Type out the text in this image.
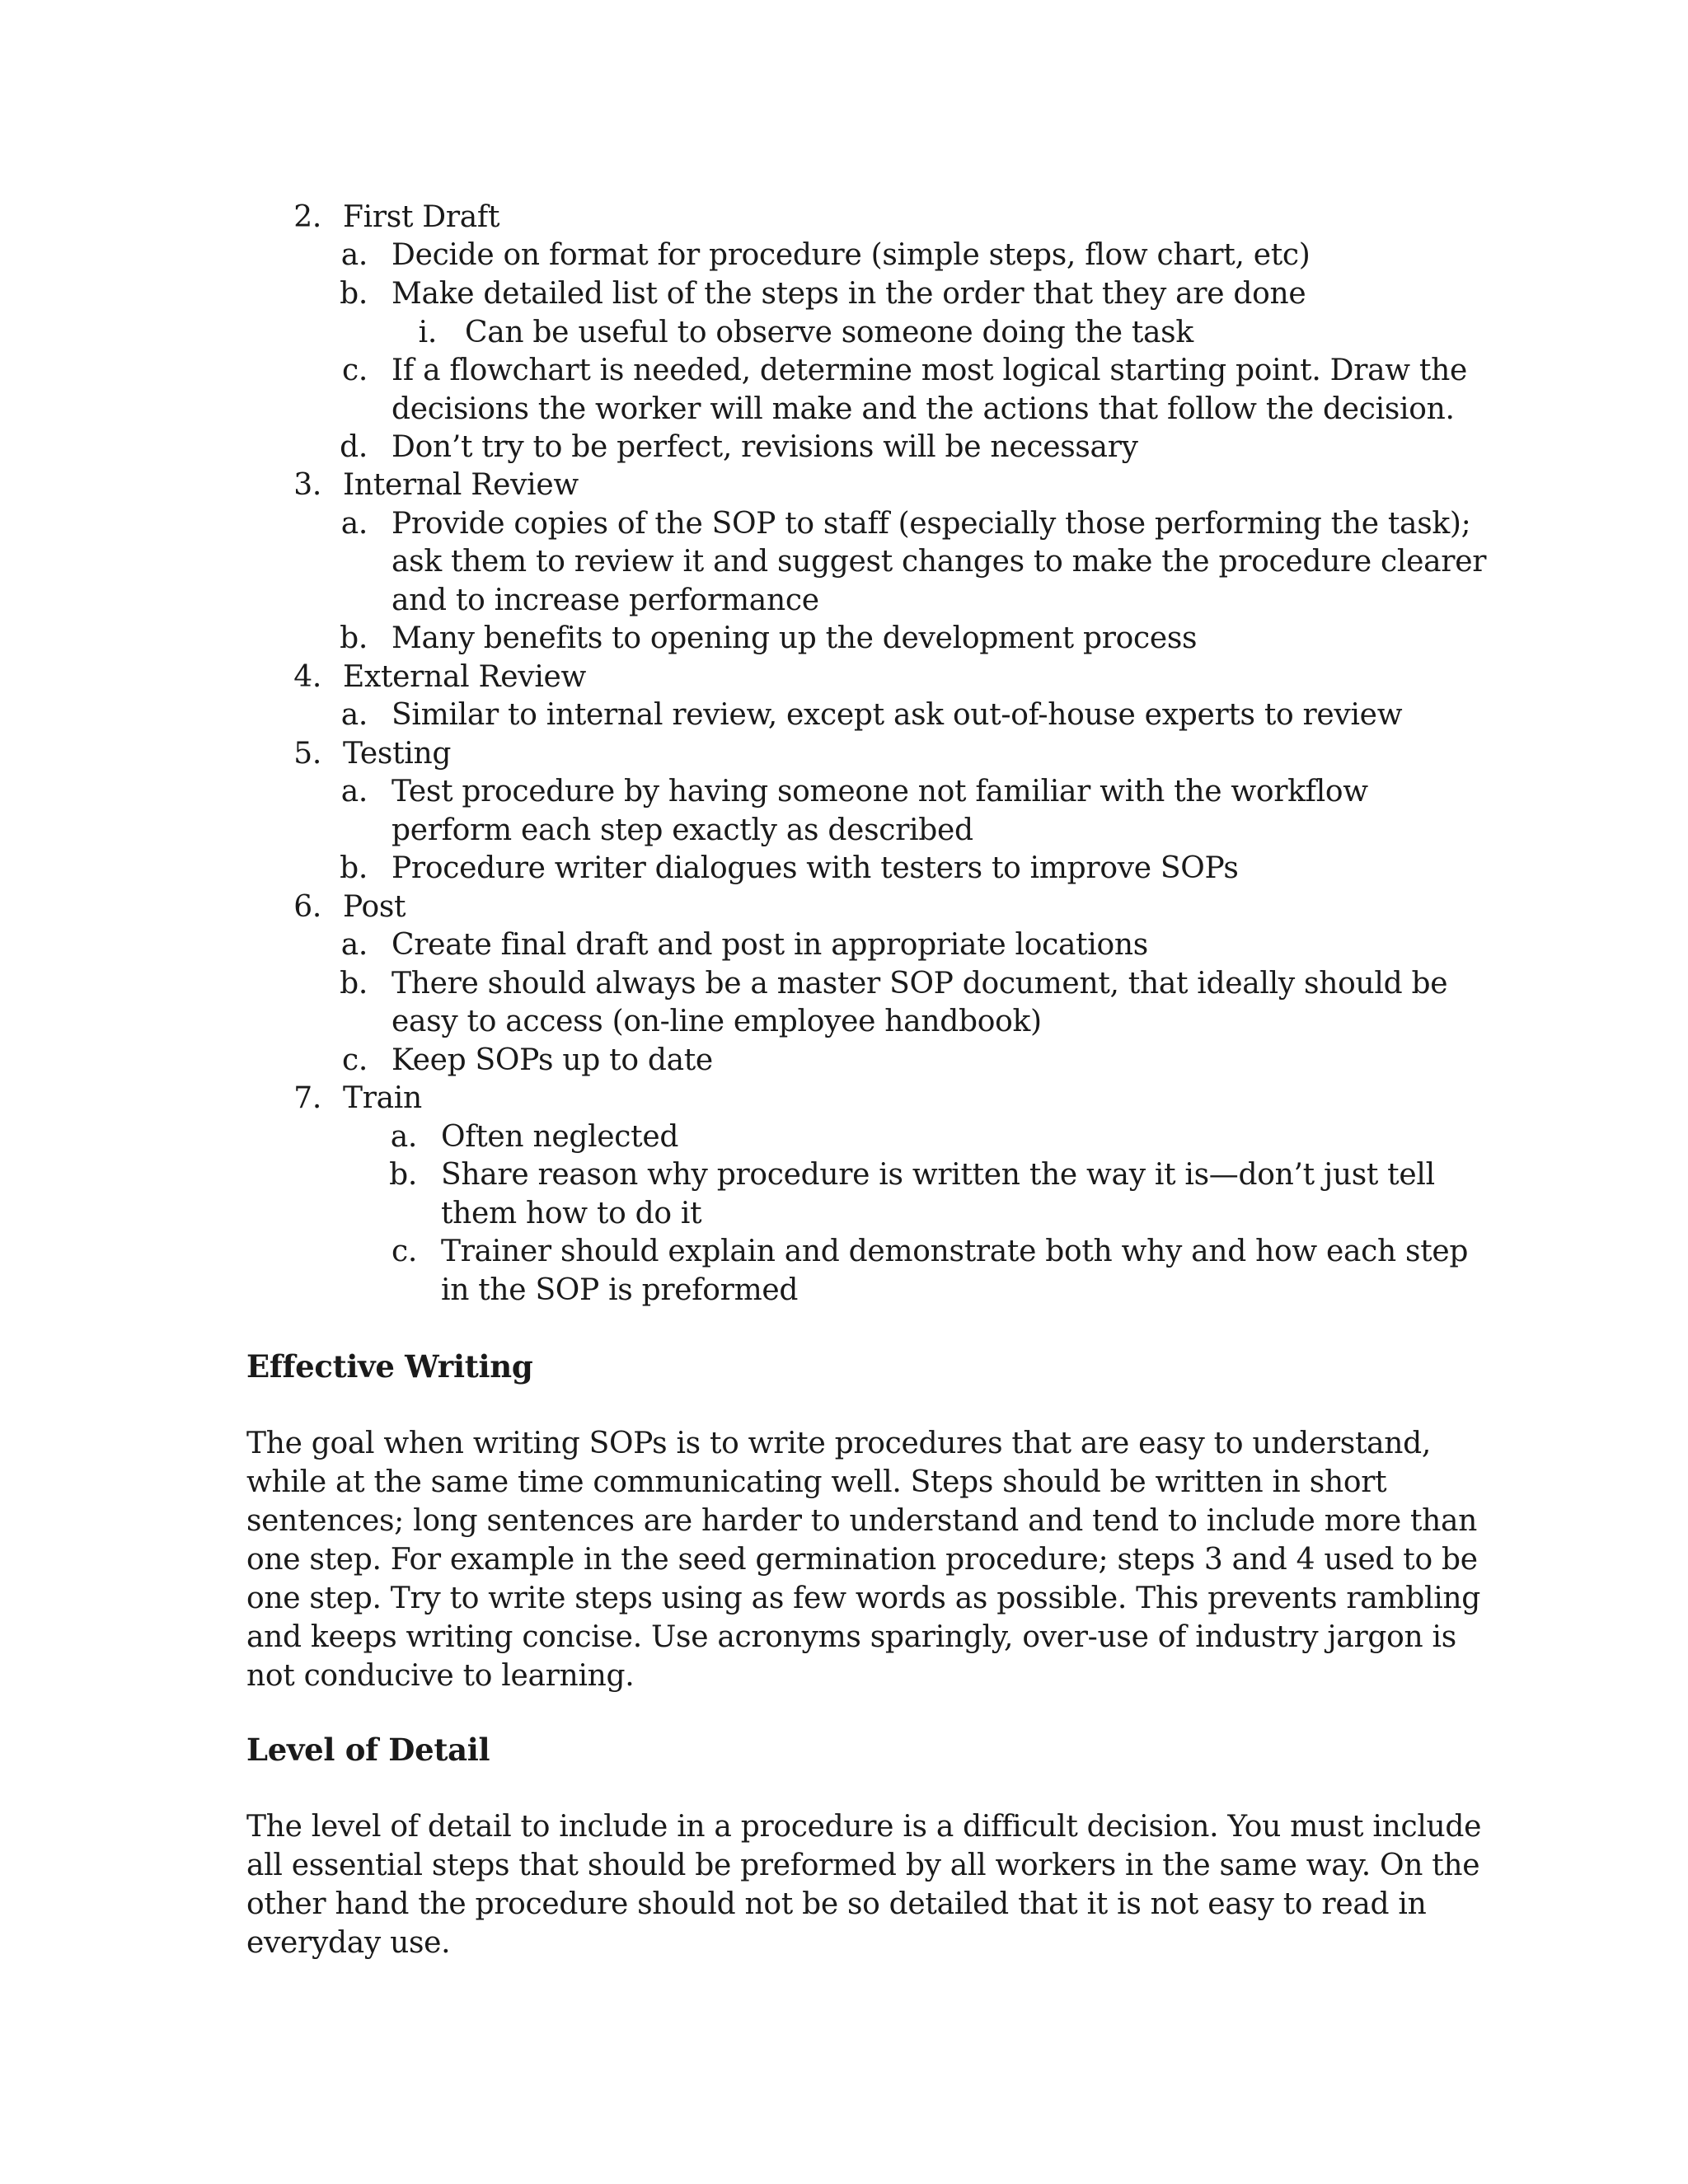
2. First Draft
a. Decide on format for procedure (simple steps, flow chart, etc)
b. Make detailed list of the steps in the order that they are done
i. Can be useful to observe someone doing the task
c. If a flowchart is needed, determine most logical starting point. Draw the
decisions the worker will make and the actions that follow the decision.
d. Don’t try to be perfect, revisions will be necessary
3. Internal Review
a. Provide copies of the SOP to staff (especially those performing the task);
ask them to review it and suggest changes to make the procedure clearer
and to increase performance
b. Many benefits to opening up the development process
4. External Review
a. Similar to internal review, except ask out-of-house experts to review
5. Testing
a. Test procedure by having someone not familiar with the workflow
perform each step exactly as described
b. Procedure writer dialogues with testers to improve SOPs
6. Post
a. Create final draft and post in appropriate locations
b. There should always be a master SOP document, that ideally should be
easy to access (on-line employee handbook)
c. Keep SOPs up to date
7. Train
a. Often neglected
b. Share reason why procedure is written the way it is—don’t just tell
them how to do it
c. Trainer should explain and demonstrate both why and how each step
in the SOP is preformed
Effective Writing
The goal when writing SOPs is to write procedures that are easy to understand,
while at the same time communicating well. Steps should be written in short
sentences; long sentences are harder to understand and tend to include more than
one step. For example in the seed germination procedure; steps 3 and 4 used to be
one step. Try to write steps using as few words as possible. This prevents rambling
and keeps writing concise. Use acronyms sparingly, over-use of industry jargon is
not conducive to learning.
Level of Detail
The level of detail to include in a procedure is a difficult decision. You must include
all essential steps that should be preformed by all workers in the same way. On the
other hand the procedure should not be so detailed that it is not easy to read in
everyday use.
